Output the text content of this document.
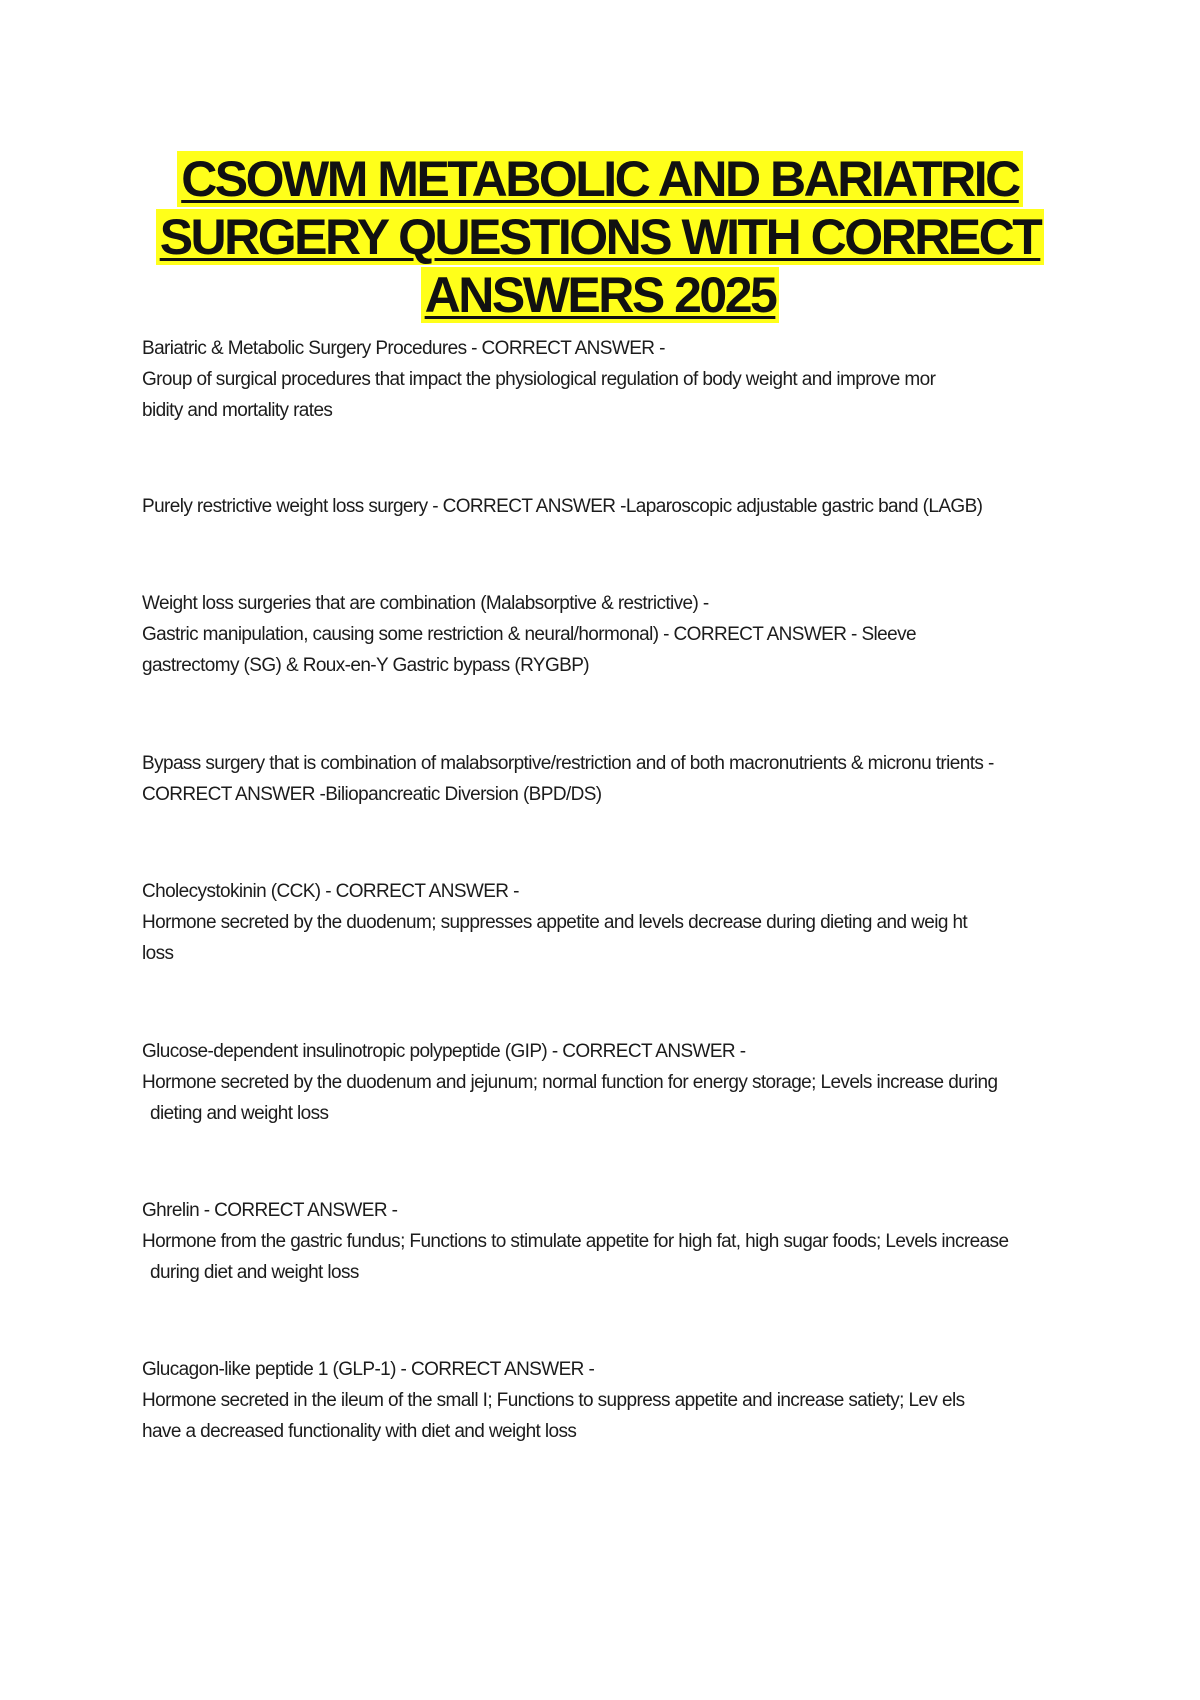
CSOWM METABOLIC AND BARIATRIC
SURGERY QUESTIONS WITH CORRECT
ANSWERS 2025
Bariatric & Metabolic Surgery Procedures - CORRECT ANSWER -
Group of surgical procedures that impact the physiological regulation of body weight and improve mor
bidity and mortality rates
Purely restrictive weight loss surgery - CORRECT ANSWER -Laparoscopic adjustable gastric band (LAGB)
Weight loss surgeries that are combination (Malabsorptive & restrictive) -
Gastric manipulation, causing some restriction & neural/hormonal) - CORRECT ANSWER - Sleeve
gastrectomy (SG) & Roux-en-Y Gastric bypass (RYGBP)
Bypass surgery that is combination of malabsorptive/restriction and of both macronutrients & micronu trients -
CORRECT ANSWER -Biliopancreatic Diversion (BPD/DS)
Cholecystokinin (CCK) - CORRECT ANSWER -
Hormone secreted by the duodenum; suppresses appetite and levels decrease during dieting and weig ht
loss
Glucose-dependent insulinotropic polypeptide (GIP) - CORRECT ANSWER -
Hormone secreted by the duodenum and jejunum; normal function for energy storage; Levels increase during
dieting and weight loss
Ghrelin - CORRECT ANSWER -
Hormone from the gastric fundus; Functions to stimulate appetite for high fat, high sugar foods; Levels increase
during diet and weight loss
Glucagon-like peptide 1 (GLP-1) - CORRECT ANSWER -
Hormone secreted in the ileum of the small I; Functions to suppress appetite and increase satiety; Lev els
have a decreased functionality with diet and weight loss
